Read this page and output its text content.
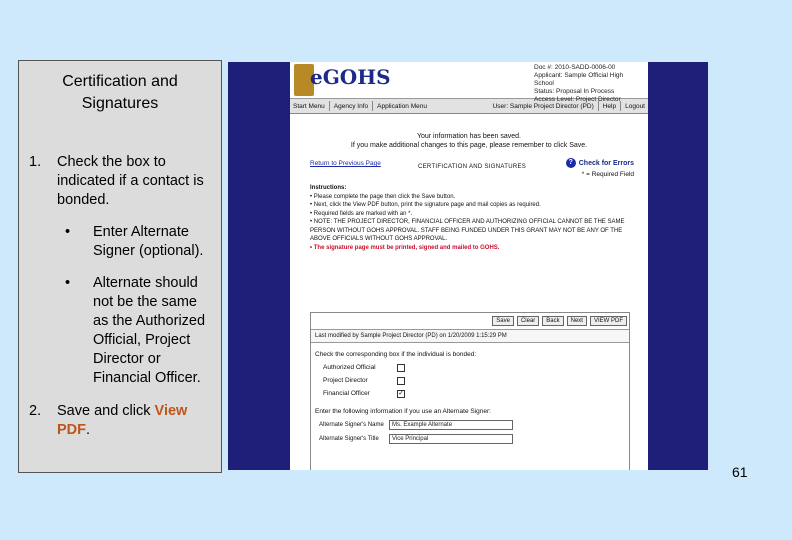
Certification and
Signatures
1.	Check the box to indicated if a contact is bonded.
•	Enter Alternate Signer (optional).
•	Alternate should not be the same as the Authorized Official, Project Director or Financial Officer.
2.	Save and click View PDF.
eGOHS	Doc #: 2010-SADD-0006-00
Applicant: Sample Official High School
Status: Proposal In Process
Access Level: Project Director
Start Menu Agency Info Application Menu	User: Sample Project Director (PD) Help Logout
Your information has been saved.
If you make additional changes to this page, please remember to click Save.
Return to Previous Page	CERTIFICATION AND SIGNATURES
? Check for Errors
* = Required Field
Instructions:
• Please complete the page then click the Save button.
• Next, click the View PDF button, print the signature page and mail copies as required.
• Required fields are marked with an *.
• NOTE: THE PROJECT DIRECTOR, FINANCIAL OFFICER AND AUTHORIZING OFFICIAL CANNOT BE THE SAME PERSON WITHOUT GOHS APPROVAL. STAFF BEING FUNDED UNDER THIS GRANT MAY NOT BE ANY OF THE ABOVE OFFICIALS WITHOUT GOHS APPROVAL.
• The signature page must be printed, signed and mailed to GOHS.
Save	Clear	Back	Next	VIEW PDF
Last modified by Sample Project Director (PD) on 1/20/2009 1:15:29 PM
Check the corresponding box if the individual is bonded:
Authorized Official
Project Director
Financial Officer	✓
Enter the following information if you use an Alternate Signer:
Alternate Signer's Name	Ms. Example Alternate
Alternate Signer's Title	Vice Principal
61
